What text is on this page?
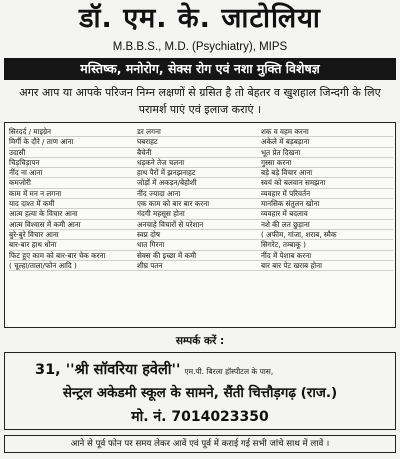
डॉ. एम. के. जाटोलिया
M.B.B.S., M.D. (Psychiatry), MIPS
मस्तिष्क, मनोरोग, सेक्स रोग एवं नशा मुक्ति विशेषज्ञ
अगर आप या आपके परिजन निम्न लक्षणों से ग्रसित है तो बेहतर व खुशहाल जिन्दगी के लिए परामर्श पाएं एवं इलाज कराएं ।
सिरदर्द / माइग्रेन
मिर्गी के दौरे / ताण आना
उदासी
चिड़चिड़ापन
नींद ना आना
कमजोरी
काम में मन न लगना
याद दाश्त में कमी
आत्म हत्या के विचार आना
आत्म विश्वास में कमी आना
बुरे-बुरे विचार आना
बार-बार हाथ धोना
फिट हुए काम को बार-बार चेक करना
( चूल्हा/ताला/फोन आदि )
डर लगना
घबराहट
बैचेनी
धड़कने तेज चलना
हाथ पैरों में झनझनाहट
जोड़ों में अकड़न/बेहोशी
नींद ज्यादा आना
एक काम को बार बार करना
गंदगी महसूस होना
अनचाहे विचारों से परेशान
स्वप्न दोष
धात गिरना
सेक्स की इच्छा में कमी
शीघ्र पतन
शक व वहम करना
अकेले में बड़बड़ाना
भूत प्रेत दिखना
गुस्सा करना
बड़े बड़े विचार आना
स्वयं को बलवान समझना
व्यवहार में परिवर्तन
मानसिक संतुलन खोना
व्यवहार में बदलाव
नशे की लत छुड़ाना
( अफीम, गांजा, शराब, स्मैक
सिगरेट, तम्बाकू )
नींद में पेशाब करना
बार बार पेट खराब होना
सम्पर्क करें :
31, ''श्री सॉवरिया हवेली'' एम.पी. बिरला हॉस्पीटल के पास,
सेन्ट्रल अकेडमी स्कूल के सामने, सैंती चित्तौड़गढ़ (राज.)
मो. नं. 7014023350
आने से पूर्व फोन पर समय लेकर आवें एवं पूर्व में कराई गई सभी जांचे साथ में लावें ।
